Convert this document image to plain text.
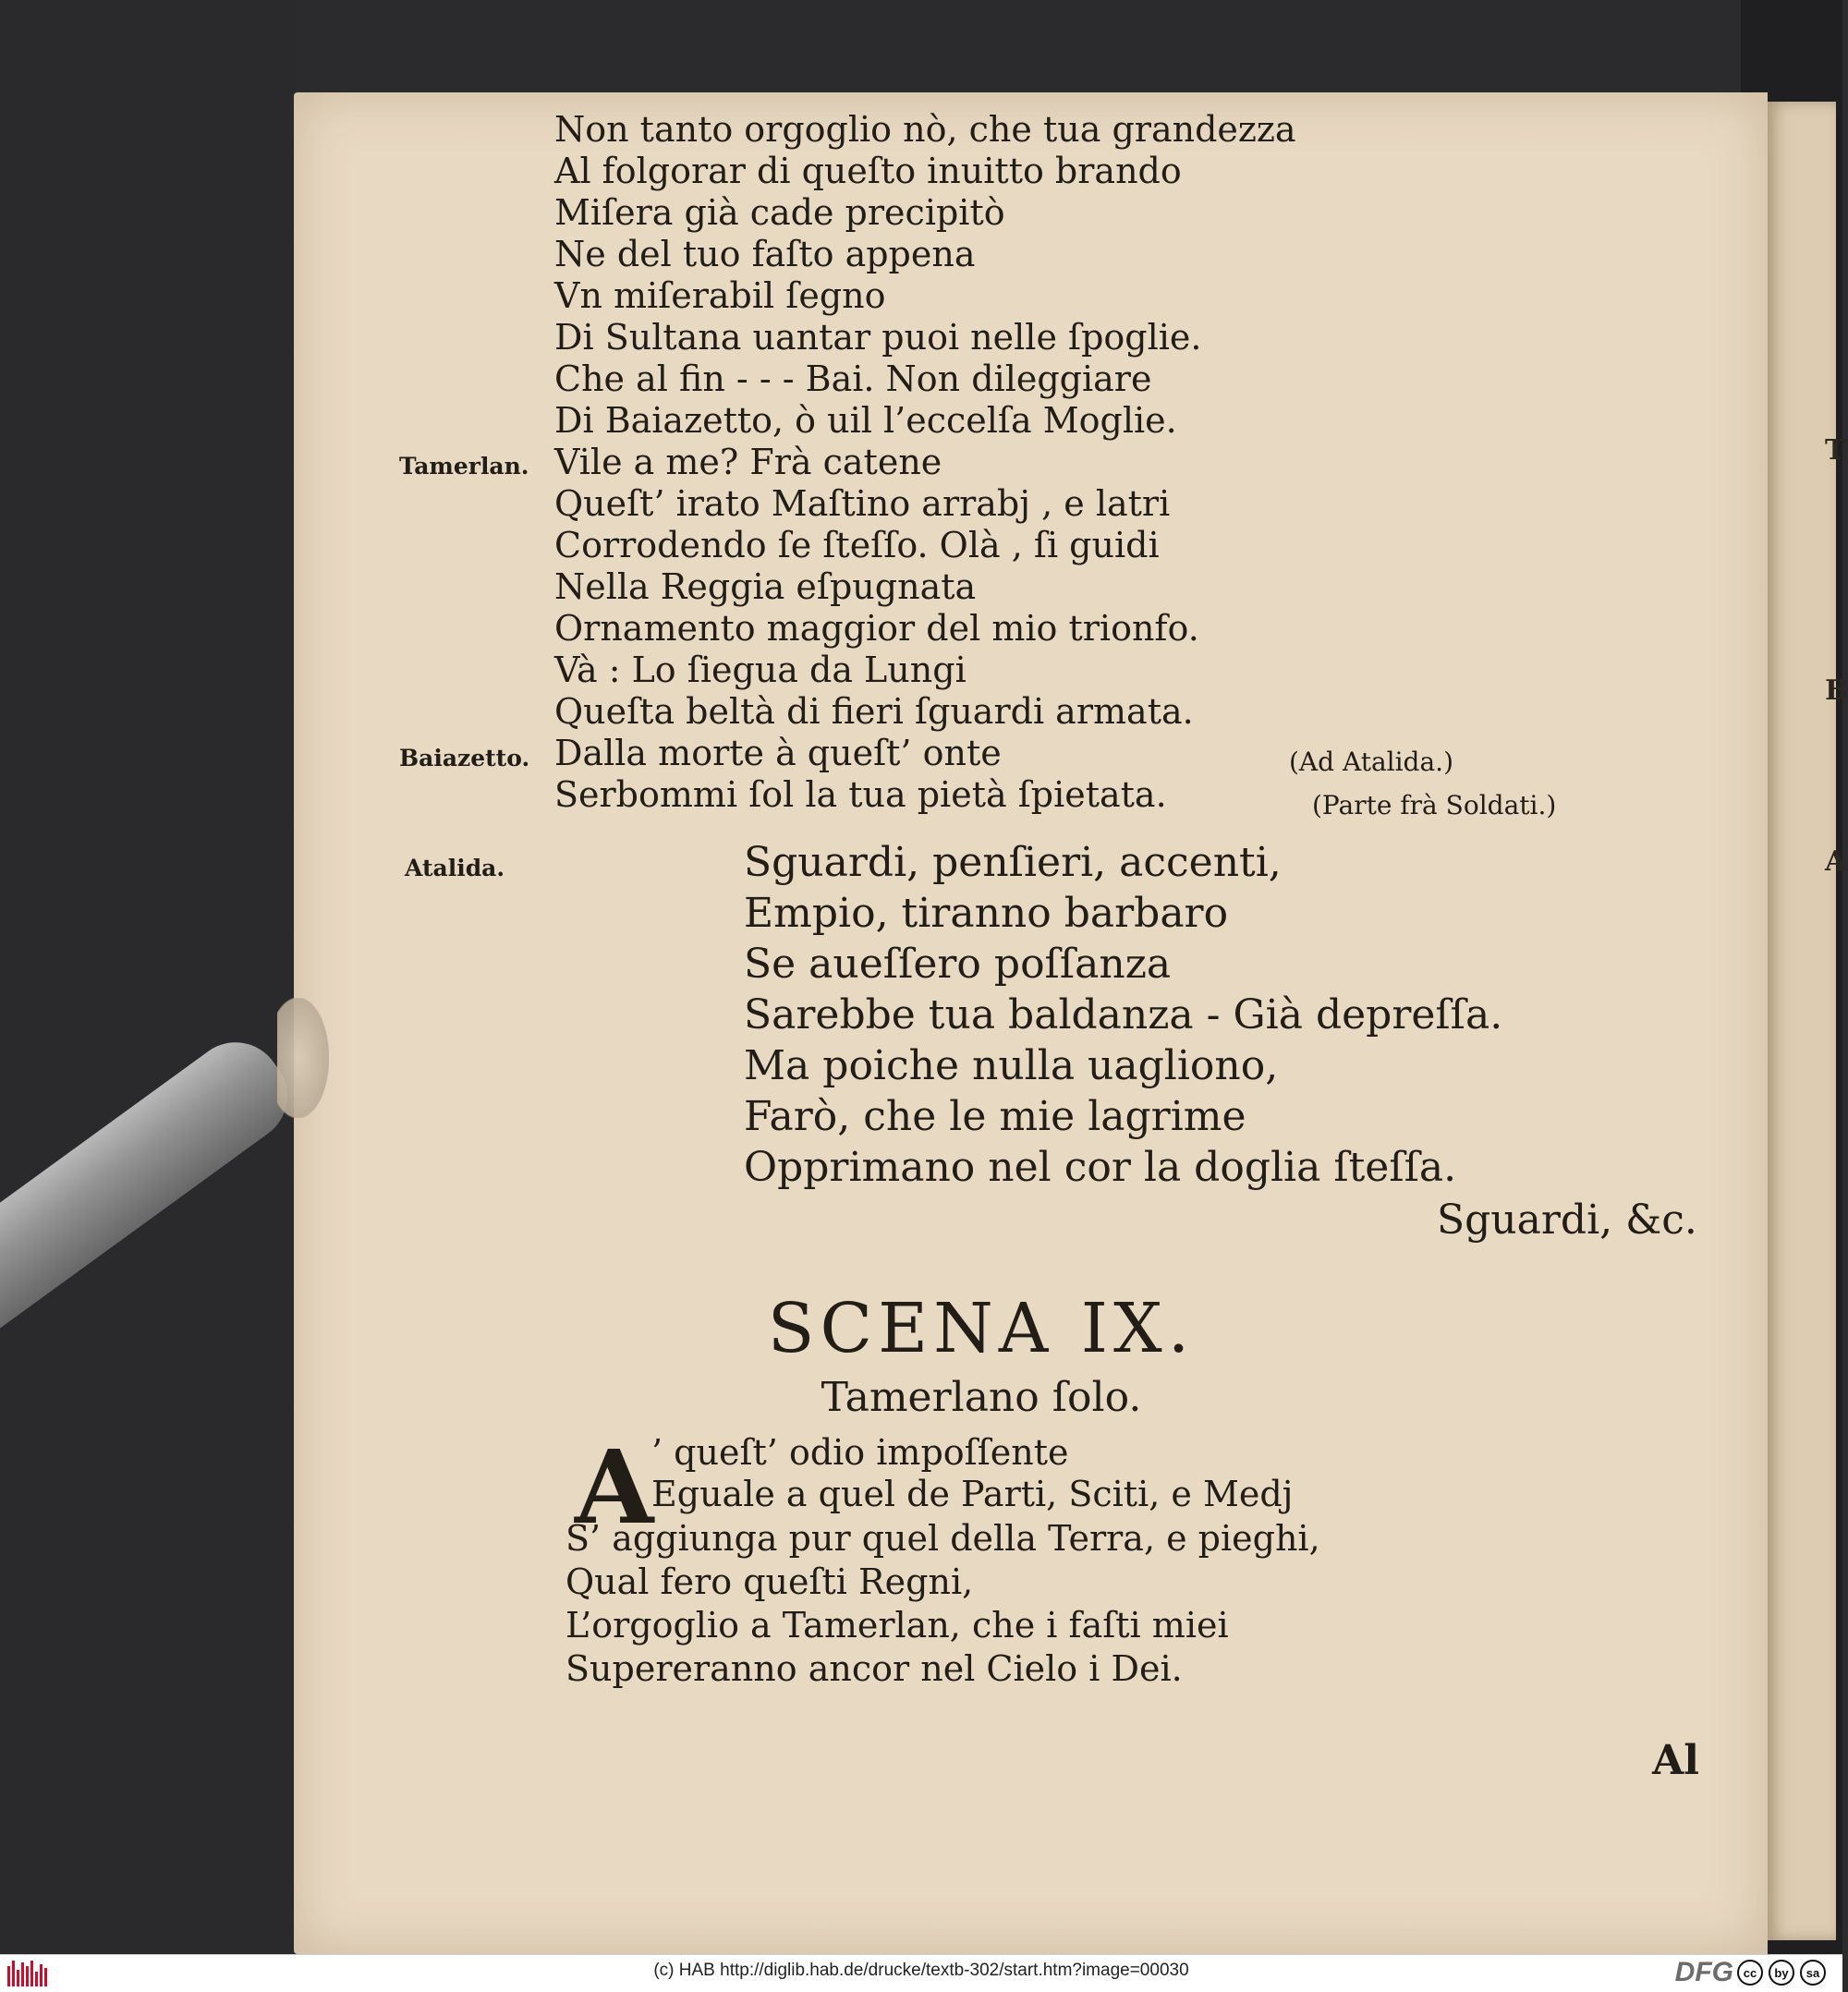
T
B
A
Non tanto orgoglio nò, che tua grandezza
Al folgorar di queſto inuitto brando
Miſera già cade precipitò
Ne del tuo faſto appena
Vn miſerabil ſegno
Di Sultana uantar puoi nelle ſpoglie.
Che al fin - - - Bai. Non dileggiare
Di Baiazetto, ò uil l’eccelſa Moglie.
Tamerlan. Vile a me? Frà catene
Queſt’ irato Maſtino arrabj , e latri
Corrodendo ſe ſteſſo. Olà , ſi guidi
Nella Reggia eſpugnata
Ornamento maggior del mio trionfo.
Và : Lo ſiegua da Lungi
Queſta beltà di fieri ſguardi armata.
Baiazetto. Dalla morte à queſt’ onte	(Ad Atalida.)
Serbommi ſol la tua pietà ſpietata.	(Parte frà Soldati.)
Atalida.	Sguardi, penſieri, accenti,
Empio, tiranno barbaro
Se aueſſero poſſanza
Sarebbe tua baldanza - Già depreſſa.
Ma poiche nulla uagliono,
Farò, che le mie lagrime
Opprimano nel cor la doglia ſteſſa.
Sguardi, &c.
SCENA IX.
Tamerlano ſolo.
A
’ queſt’ odio impoſſente
Eguale a quel de Parti, Sciti, e Medj
S’ aggiunga pur quel della Terra, e pieghi,
Qual fero queſti Regni,
L’orgoglio a Tamerlan, che i faſti miei
Supereranno ancor nel Cielo i Dei.
Al
(c) HAB http://diglib.hab.de/drucke/textb-302/start.htm?image=00030	DFG cc	by	sa
